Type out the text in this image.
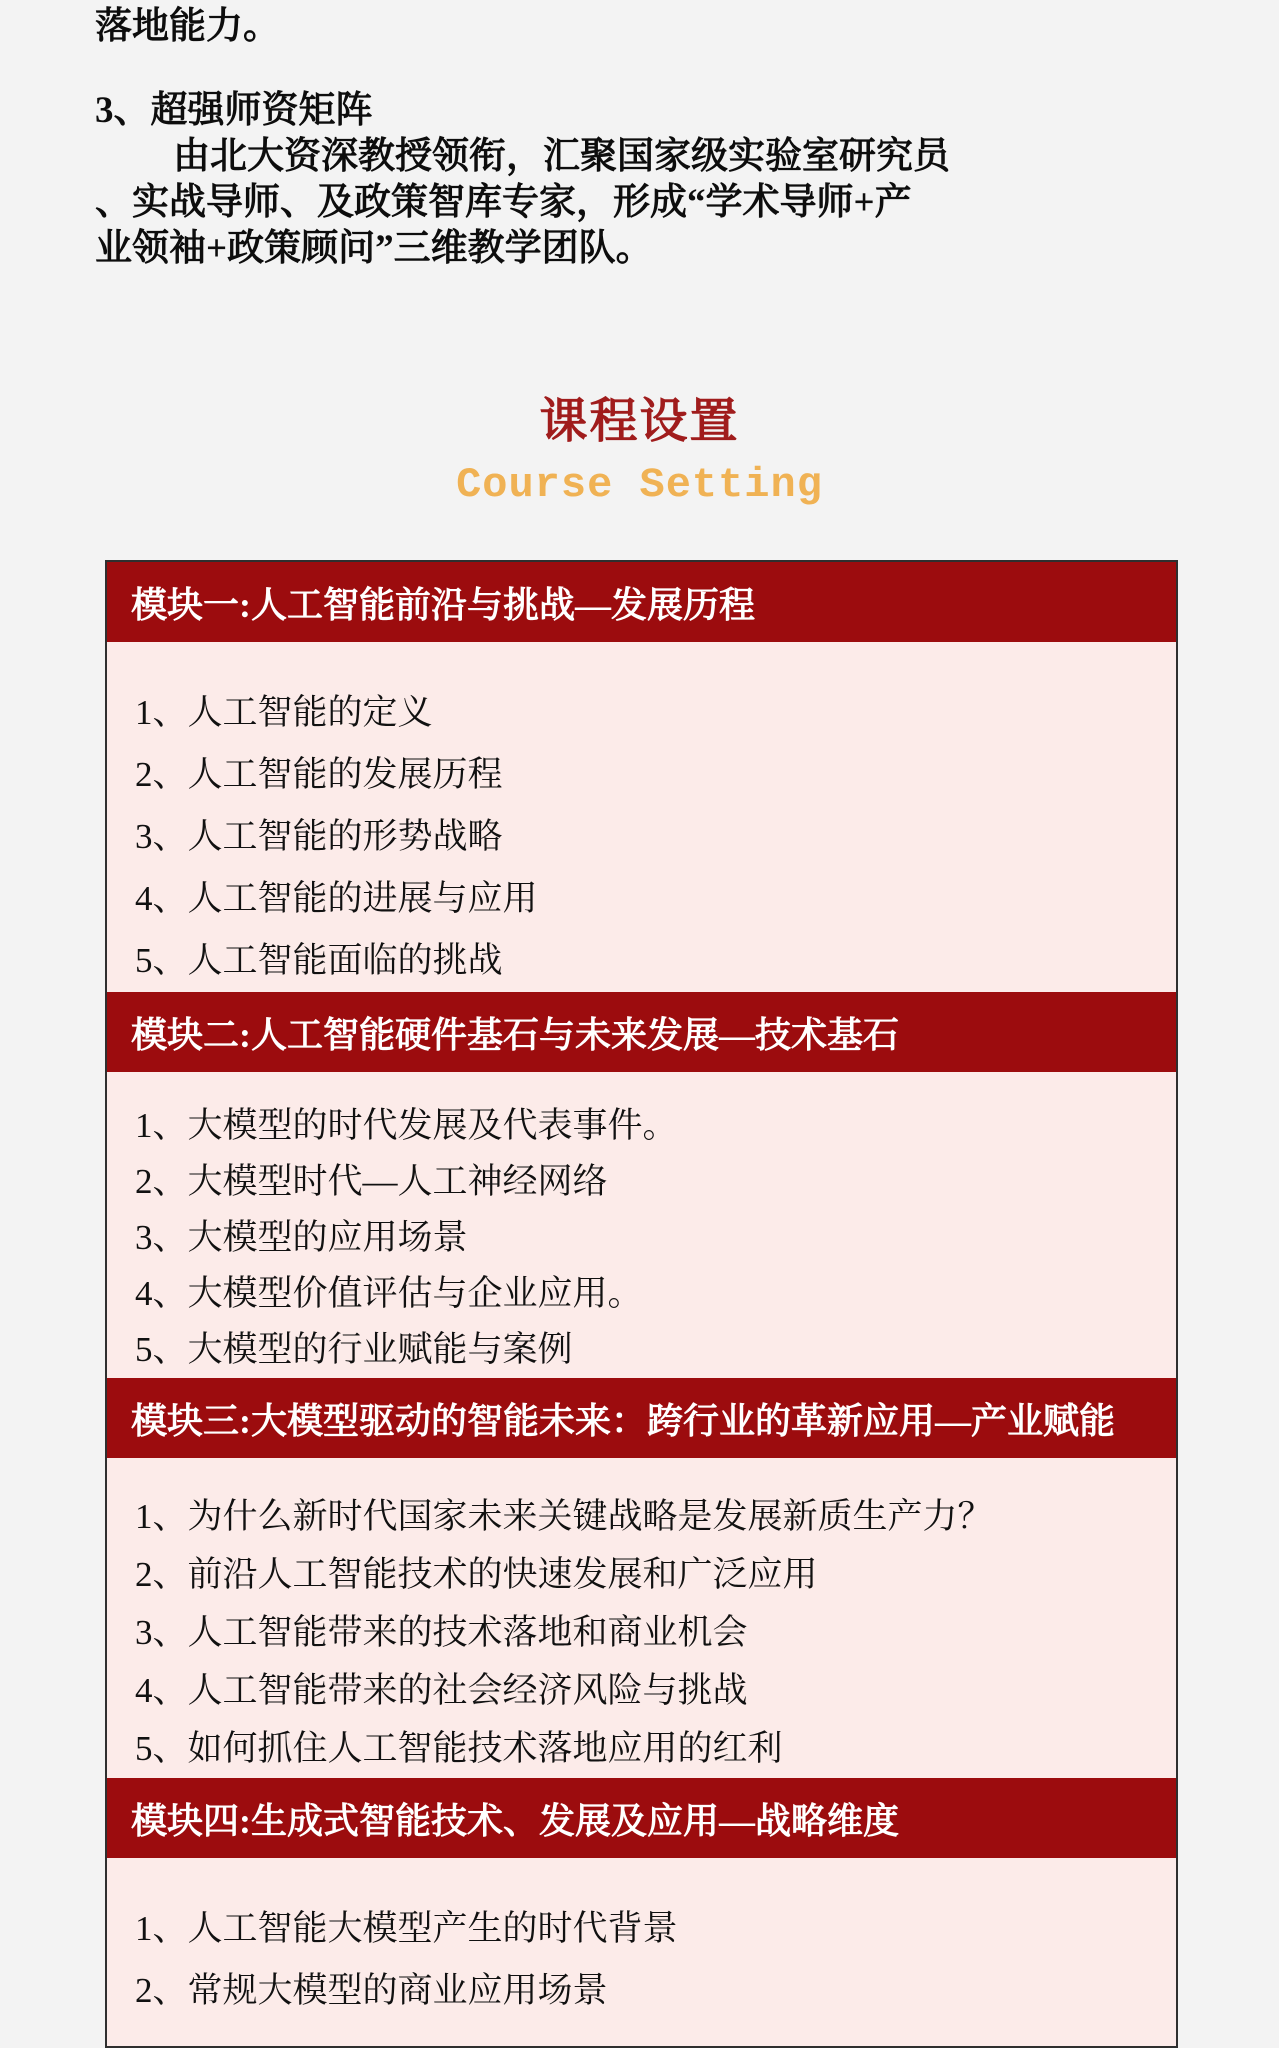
落地能力。
3、超强师资矩阵
由北大资深教授领衔，汇聚国家级实验室研究员
、实战导师、及政策智库专家，形成“学术导师+产
业领袖+政策顾问”三维教学团队。
课程设置
Course Setting
模块一:人工智能前沿与挑战—发展历程
1、人工智能的定义
2、人工智能的发展历程
3、人工智能的形势战略
4、人工智能的进展与应用
5、人工智能面临的挑战
模块二:人工智能硬件基石与未来发展—技术基石
1、大模型的时代发展及代表事件。
2、大模型时代—人工神经网络
3、大模型的应用场景
4、大模型价值评估与企业应用。
5、大模型的行业赋能与案例
模块三:大模型驱动的智能未来：跨行业的革新应用—产业赋能
1、为什么新时代国家未来关键战略是发展新质生产力？
2、前沿人工智能技术的快速发展和广泛应用
3、人工智能带来的技术落地和商业机会
4、人工智能带来的社会经济风险与挑战
5、如何抓住人工智能技术落地应用的红利
模块四:生成式智能技术、发展及应用—战略维度
1、人工智能大模型产生的时代背景
2、常规大模型的商业应用场景
